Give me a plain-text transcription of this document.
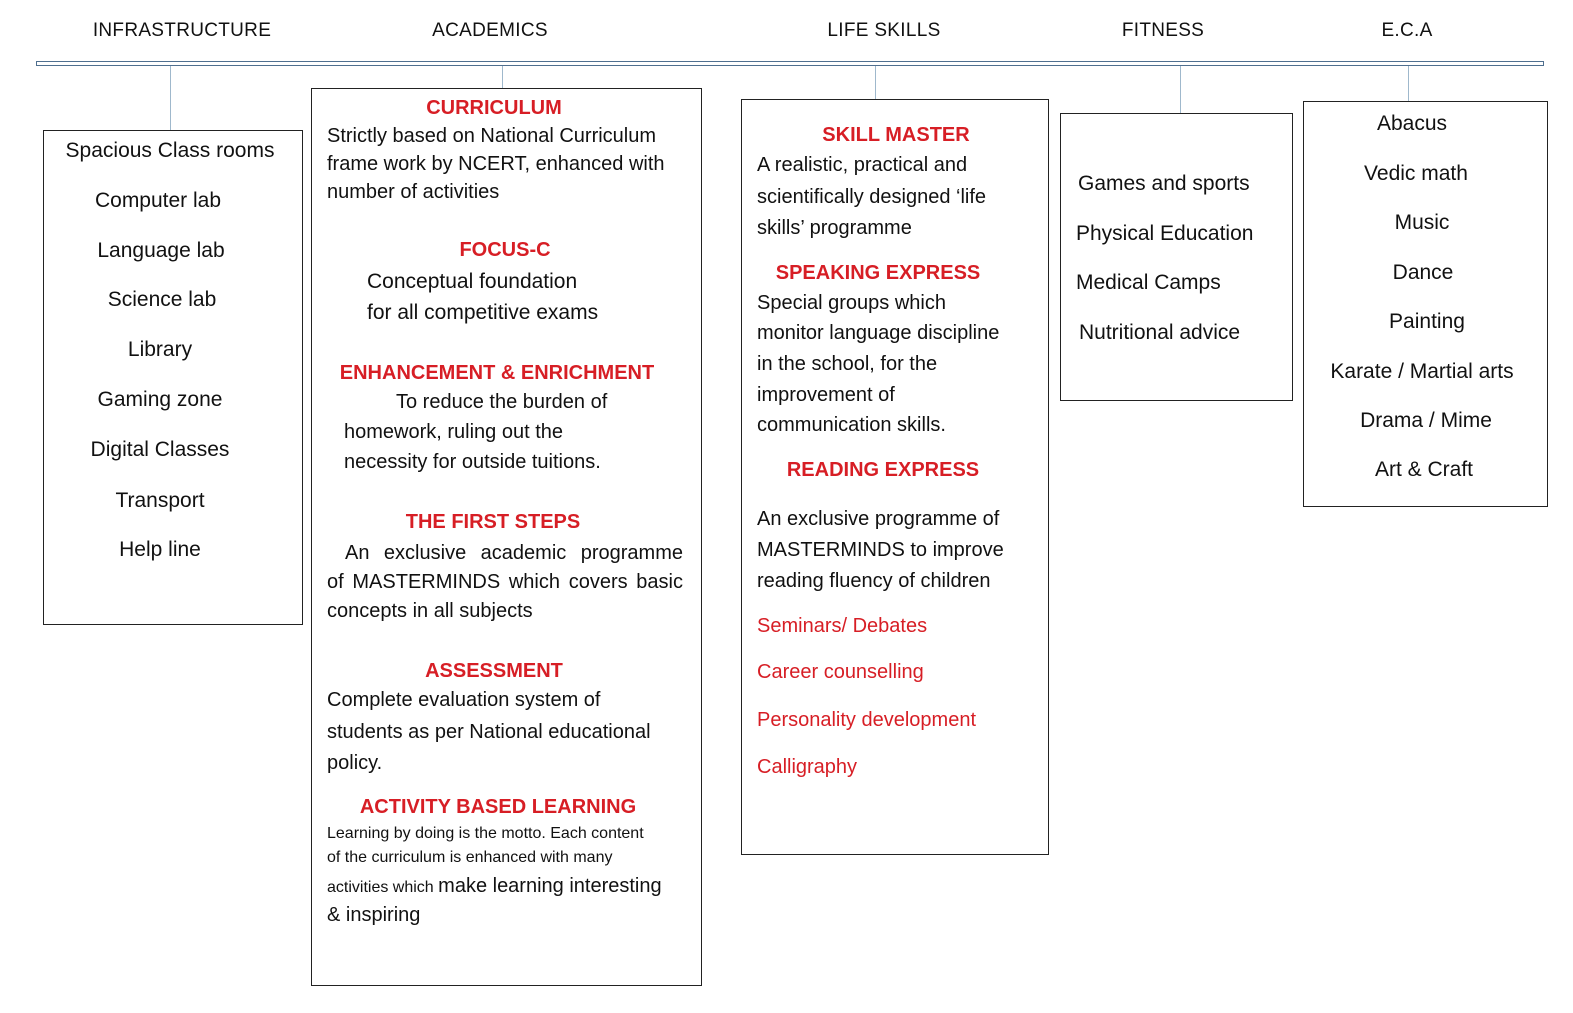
INFRASTRUCTURE	ACADEMICS	LIFE SKILLS	FITNESS	E.C.A
Spacious Class rooms
Computer lab
Language lab
Science lab
Library
Gaming zone
Digital Classes
Transport
Help line
CURRICULUM
Strictly based on National Curriculum
frame work by NCERT, enhanced with
number of activities
FOCUS-C
Conceptual foundation
for all competitive exams
ENHANCEMENT & ENRICHMENT
To reduce the burden of
homework, ruling out the
necessity for outside tuitions.
THE FIRST STEPS
An exclusive academic programme
of MASTERMINDS which covers basic
concepts in all subjects
ASSESSMENT
Complete evaluation system of
students as per National educational
policy.
ACTIVITY BASED LEARNING
Learning by doing is the motto. Each content
of the curriculum is enhanced with many
activities which make learning interesting
& inspiring
SKILL MASTER
A realistic, practical and
scientifically designed ‘life
skills’ programme
SPEAKING EXPRESS
Special groups which
monitor language discipline
in the school, for the
improvement of
communication skills.
READING EXPRESS
An exclusive programme of
MASTERMINDS to improve
reading fluency of children
Seminars/ Debates
Career counselling
Personality development
Calligraphy
Games and sports
Physical Education
Medical Camps
Nutritional advice
Abacus
Vedic math
Music
Dance
Painting
Karate / Martial arts
Drama / Mime
Art & Craft
